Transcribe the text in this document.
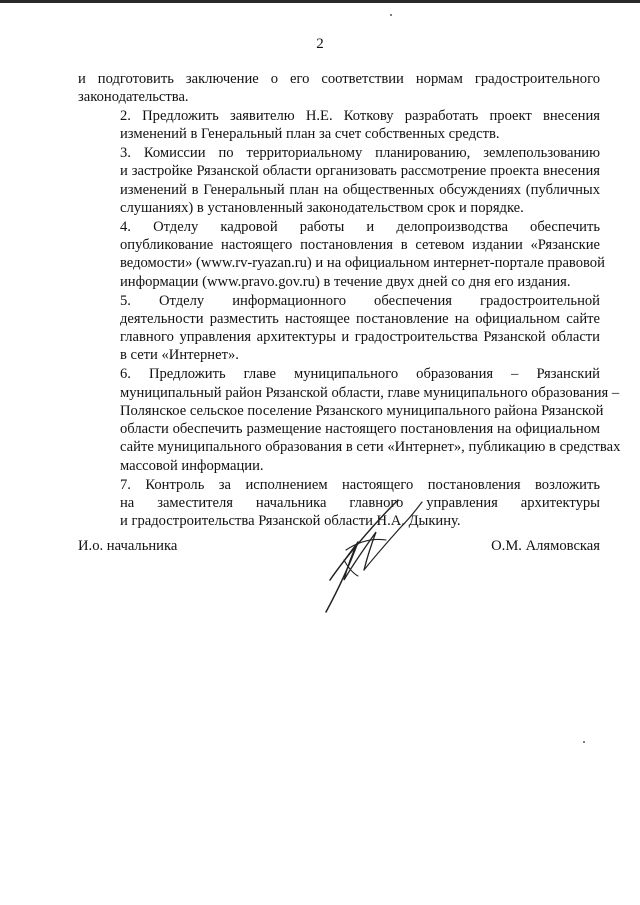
2

и подготовить заключение о его соответствии нормам градостроительного
законодательства.

2. Предложить заявителю Н.Е. Коткову разработать проект внесения
изменений в Генеральный план за счет собственных средств.

3. Комиссии по территориальному планированию, землепользованию
и застройке Рязанской области организовать рассмотрение проекта внесения
изменений в Генеральный план на общественных обсуждениях (публичных
слушаниях) в установленный законодательством срок и порядке.

4. Отделу кадровой работы и делопроизводства обеспечить
опубликование настоящего постановления в сетевом издании «Рязанские
ведомости» (www.rv-ryazan.ru) и на официальном интернет-портале правовой
информации (www.pravo.gov.ru) в течение двух дней со дня его издания.

5. Отделу информационного обеспечения градостроительной
деятельности разместить настоящее постановление на официальном сайте
главного управления архитектуры и градостроительства Рязанской области
в сети «Интернет».

6. Предложить главе муниципального образования – Рязанский
муниципальный район Рязанской области, главе муниципального образования –
Полянское сельское поселение Рязанского муниципального района Рязанской
области обеспечить размещение настоящего постановления на официальном
сайте муниципального образования в сети «Интернет», публикацию в средствах
массовой информации.

7. Контроль за исполнением настоящего постановления возложить
на заместителя начальника главного управления архитектуры
и градостроительства Рязанской области Н.А. Дыкину.

И.о. начальника	О.М. Алямовская
